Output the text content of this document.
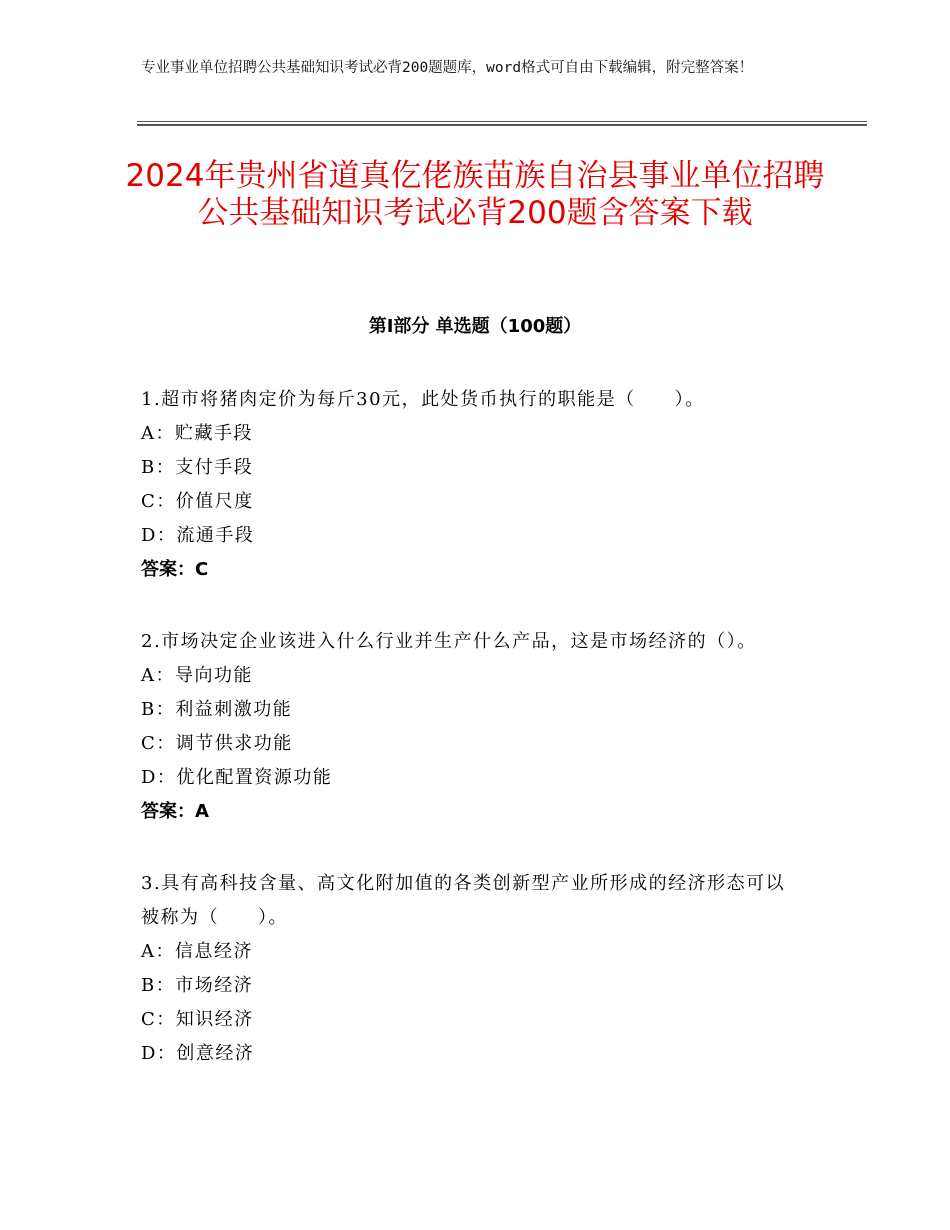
专业事业单位招聘公共基础知识考试必背200题题库，word格式可自由下载编辑，附完整答案！
2024年贵州省道真仡佬族苗族自治县事业单位招聘公共基础知识考试必背200题含答案下载
第Ⅰ部分 单选题（100题）
1.超市将猪肉定价为每斤30元，此处货币执行的职能是（　　）。
A：贮藏手段
B：支付手段
C：价值尺度
D：流通手段
答案：C
2.市场决定企业该进入什么行业并生产什么产品，这是市场经济的（）。
A：导向功能
B：利益刺激功能
C：调节供求功能
D：优化配置资源功能
答案：A
3.具有高科技含量、高文化附加值的各类创新型产业所形成的经济形态可以被称为（　　）。
A：信息经济
B：市场经济
C：知识经济
D：创意经济
